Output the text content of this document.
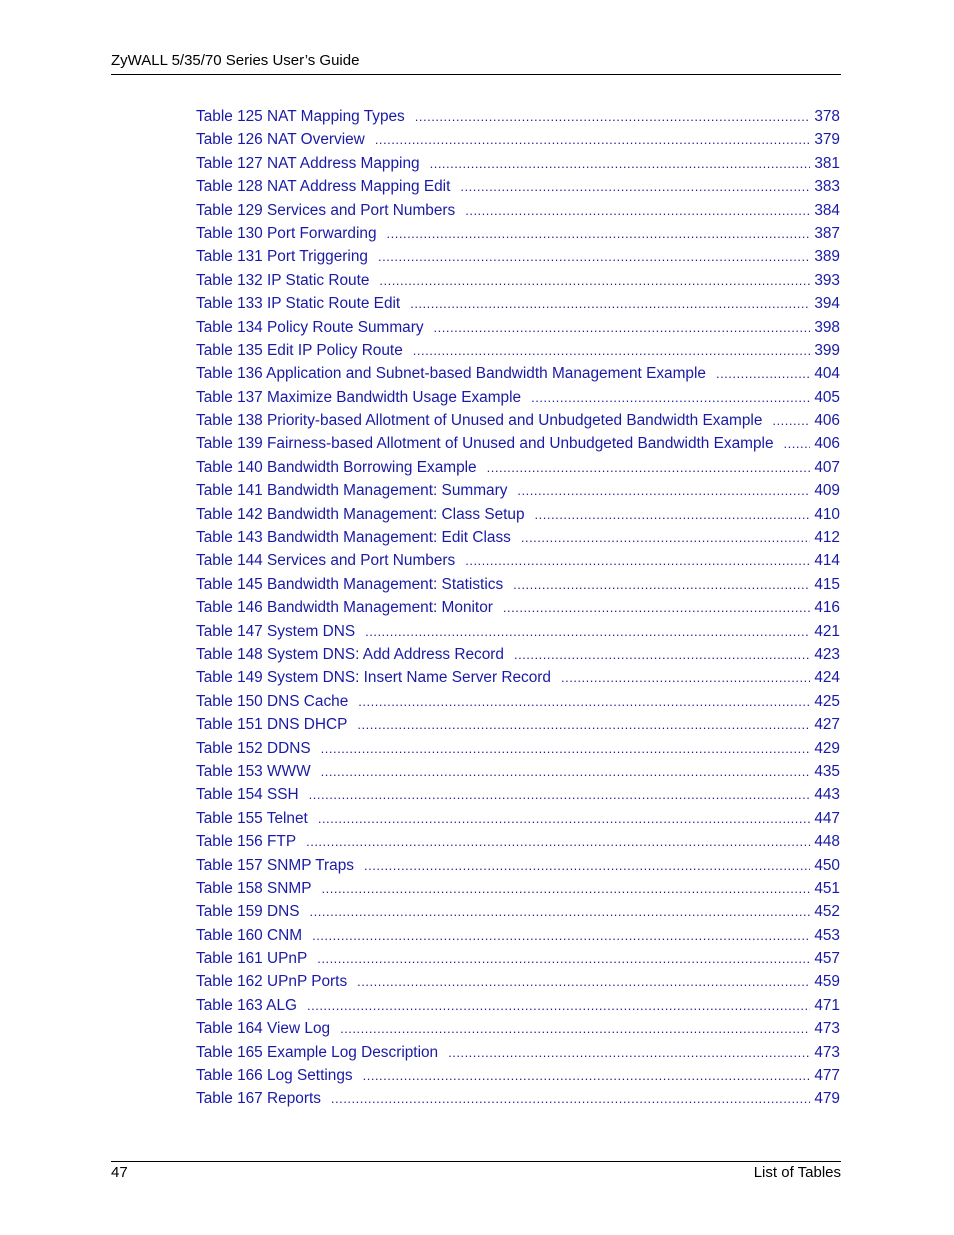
ZyWALL 5/35/70 Series User’s Guide
Table 125 NAT Mapping Types .....	378
Table 126 NAT Overview .....	379
Table 127 NAT Address Mapping .....	381
Table 128 NAT Address Mapping Edit .....	383
Table 129 Services and Port Numbers .....	384
Table 130 Port Forwarding .....	387
Table 131 Port Triggering .....	389
Table 132 IP Static Route .....	393
Table 133 IP Static Route Edit .....	394
Table 134 Policy Route Summary .....	398
Table 135 Edit IP Policy Route .....	399
Table 136 Application and Subnet-based Bandwidth Management Example .....	404
Table 137 Maximize Bandwidth Usage Example .....	405
Table 138 Priority-based Allotment of Unused and Unbudgeted Bandwidth Example .....	406
Table 139 Fairness-based Allotment of Unused and Unbudgeted Bandwidth Example .....	406
Table 140 Bandwidth Borrowing Example .....	407
Table 141 Bandwidth Management: Summary .....	409
Table 142 Bandwidth Management: Class Setup .....	410
Table 143 Bandwidth Management: Edit Class .....	412
Table 144 Services and Port Numbers .....	414
Table 145 Bandwidth Management: Statistics .....	415
Table 146 Bandwidth Management: Monitor .....	416
Table 147 System DNS .....	421
Table 148 System DNS: Add Address Record .....	423
Table 149 System DNS: Insert Name Server Record .....	424
Table 150 DNS Cache .....	425
Table 151 DNS DHCP .....	427
Table 152 DDNS .....	429
Table 153 WWW .....	435
Table 154 SSH .....	443
Table 155 Telnet .....	447
Table 156 FTP .....	448
Table 157 SNMP Traps .....	450
Table 158 SNMP .....	451
Table 159 DNS .....	452
Table 160 CNM .....	453
Table 161 UPnP .....	457
Table 162 UPnP Ports .....	459
Table 163 ALG .....	471
Table 164 View Log .....	473
Table 165 Example Log Description .....	473
Table 166 Log Settings .....	477
Table 167 Reports .....	479
47	List of Tables
